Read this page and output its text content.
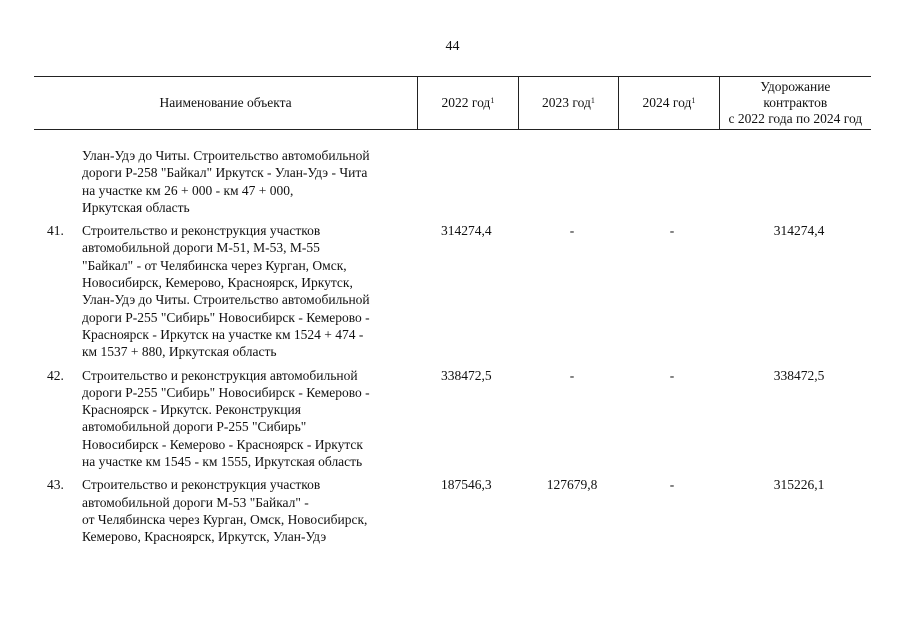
44
Наименование объекта	2022 год$^1$	2023 год$^1$	2024 год$^1$
Удорожание
контрактов
с 2022 года по 2024 год
Улан-Удэ до Читы. Строительство автомобильной
дороги Р-258 "Байкал" Иркутск - Улан-Удэ - Чита
на участке км 26 + 000 - км 47 + 000,
Иркутская область
41.	Строительство и реконструкция участков
автомобильной дороги М-51, М-53, М-55
"Байкал" - от Челябинска через Курган, Омск,
Новосибирск, Кемерово, Красноярск, Иркутск,
Улан-Удэ до Читы. Строительство автомобильной
дороги Р-255 "Сибирь" Новосибирск - Кемерово -
Красноярск - Иркутск на участке км 1524 + 474 -
км 1537 + 880, Иркутская область
314274,4	-	-	314274,4
42.	Строительство и реконструкция автомобильной
дороги Р-255 "Сибирь" Новосибирск - Кемерово -
Красноярск - Иркутск. Реконструкция
автомобильной дороги Р-255 "Сибирь"
Новосибирск - Кемерово - Красноярск - Иркутск
на участке км 1545 - км 1555, Иркутская область
338472,5	-	-	338472,5
43.	Строительство и реконструкция участков
автомобильной дороги М-53 "Байкал" -
от Челябинска через Курган, Омск, Новосибирск,
Кемерово, Красноярск, Иркутск, Улан-Удэ
187546,3	127679,8	-	315226,1
